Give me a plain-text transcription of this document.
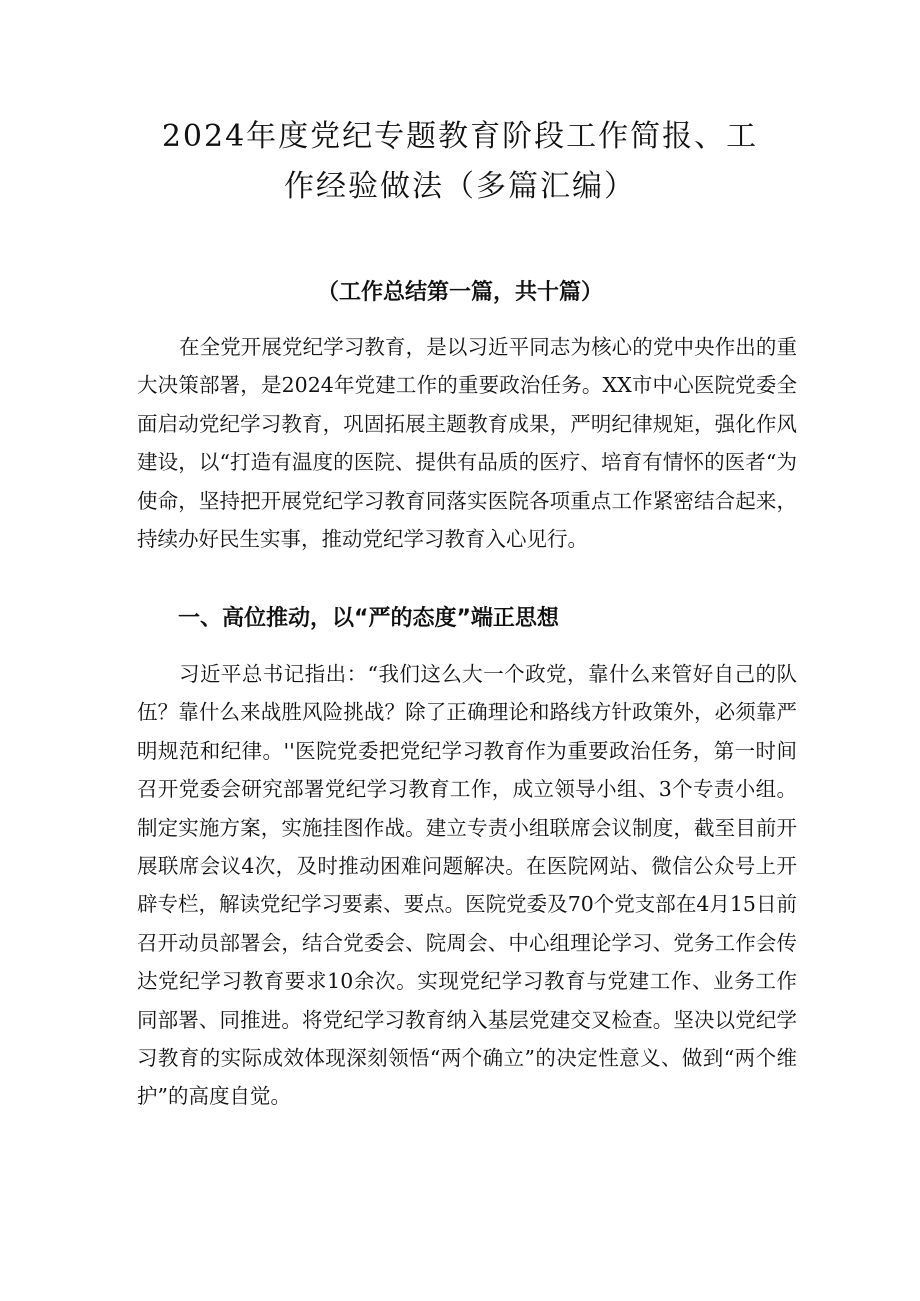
2024年度党纪专题教育阶段工作简报、工作经验做法（多篇汇编）
（工作总结第一篇，共十篇）

在全党开展党纪学习教育，是以习近平同志为核心的党中央作出的重大决策部署，是2024年党建工作的重要政治任务。XX市中心医院党委全面启动党纪学习教育，巩固拓展主题教育成果，严明纪律规矩，强化作风建设，以“打造有温度的医院、提供有品质的医疗、培育有情怀的医者“为使命，坚持把开展党纪学习教育同落实医院各项重点工作紧密结合起来，持续办好民生实事，推动党纪学习教育入心见行。

一、高位推动，以“严的态度”端正思想

习近平总书记指出：“我们这么大一个政党，靠什么来管好自己的队伍？靠什么来战胜风险挑战？除了正确理论和路线方针政策外，必须靠严明规范和纪律。''医院党委把党纪学习教育作为重要政治任务，第一时间召开党委会研究部署党纪学习教育工作，成立领导小组、3个专责小组。制定实施方案，实施挂图作战。建立专责小组联席会议制度，截至目前开展联席会议4次，及时推动困难问题解决。在医院网站、微信公众号上开辟专栏，解读党纪学习要素、要点。医院党委及70个党支部在4月15日前召开动员部署会，结合党委会、院周会、中心组理论学习、党务工作会传达党纪学习教育要求10余次。实现党纪学习教育与党建工作、业务工作同部署、同推进。将党纪学习教育纳入基层党建交叉检查。坚决以党纪学习教育的实际成效体现深刻领悟“两个确立”的决定性意义、做到“两个维护”的高度自觉。
